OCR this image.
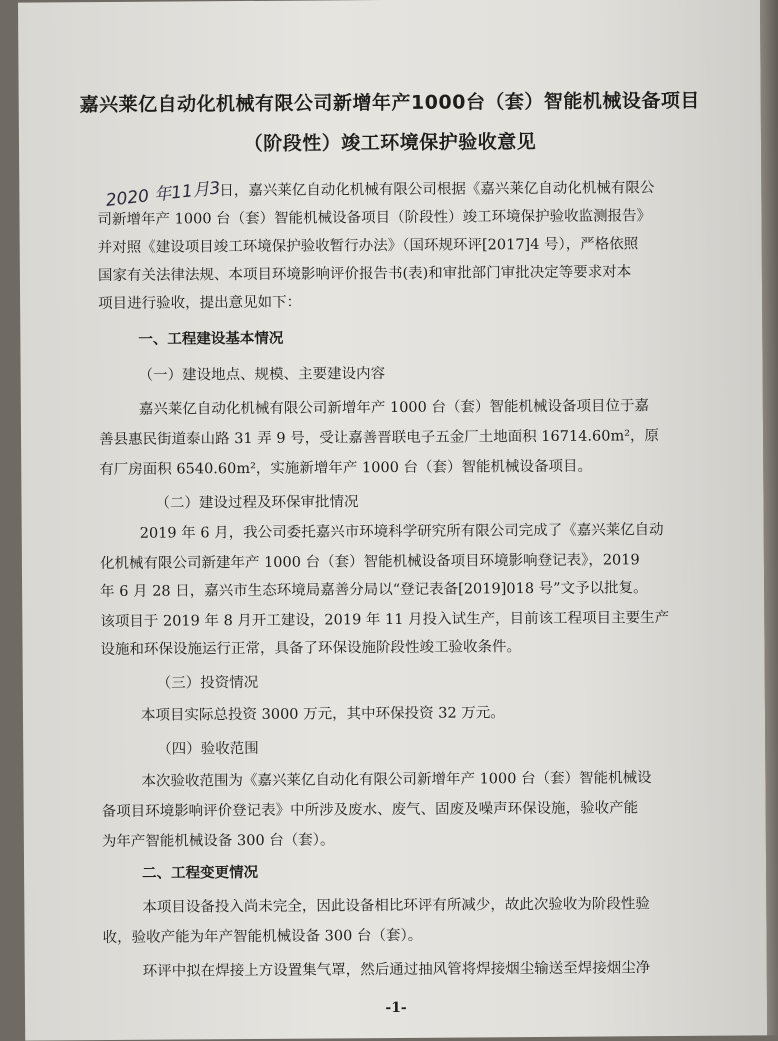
嘉兴莱亿自动化机械有限公司新增年产1000台（套）智能机械设备项目
（阶段性）竣工环境保护验收意见
2020 年11月3
日，嘉兴莱亿自动化机械有限公司根据《嘉兴莱亿自动化机械有限公
司新增年产 1000 台（套）智能机械设备项目（阶段性）竣工环境保护验收监测报告》
并对照《建设项目竣工环境保护验收暂行办法》（国环规环评[2017]4 号），严格依照
国家有关法律法规、本项目环境影响评价报告书(表)和审批部门审批决定等要求对本
项目进行验收，提出意见如下：
一、工程建设基本情况
（一）建设地点、规模、主要建设内容
嘉兴莱亿自动化机械有限公司新增年产 1000 台（套）智能机械设备项目位于嘉
善县惠民街道泰山路 31 弄 9 号，受让嘉善晋联电子五金厂土地面积 16714.60m²，原
有厂房面积 6540.60m²，实施新增年产 1000 台（套）智能机械设备项目。
（二）建设过程及环保审批情况
2019 年 6 月，我公司委托嘉兴市环境科学研究所有限公司完成了《嘉兴莱亿自动
化机械有限公司新建年产 1000 台（套）智能机械设备项目环境影响登记表》，2019
年 6 月 28 日，嘉兴市生态环境局嘉善分局以“登记表备[2019]018 号”文予以批复。
该项目于 2019 年 8 月开工建设，2019 年 11 月投入试生产，目前该工程项目主要生产
设施和环保设施运行正常，具备了环保设施阶段性竣工验收条件。
（三）投资情况
本项目实际总投资 3000 万元，其中环保投资 32 万元。
（四）验收范围
本次验收范围为《嘉兴莱亿自动化有限公司新增年产 1000 台（套）智能机械设
备项目环境影响评价登记表》中所涉及废水、废气、固废及噪声环保设施，验收产能
为年产智能机械设备 300 台（套）。
二、工程变更情况
本项目设备投入尚未完全，因此设备相比环评有所减少，故此次验收为阶段性验
收，验收产能为年产智能机械设备 300 台（套）。
环评中拟在焊接上方设置集气罩，然后通过抽风管将焊接烟尘输送至焊接烟尘净
-1-
